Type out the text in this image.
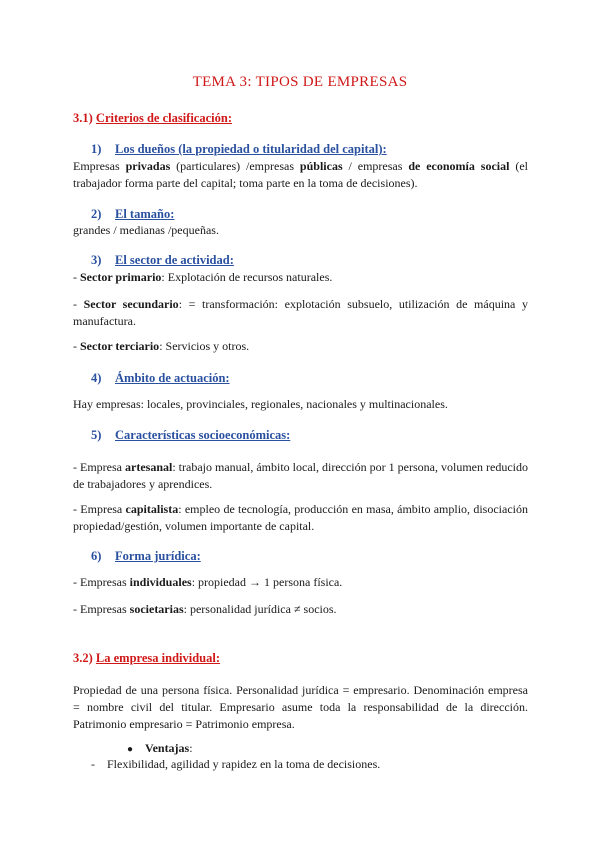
TEMA 3: TIPOS DE EMPRESAS
3.1) Criterios de clasificación:
1) Los dueños (la propiedad o titularidad del capital):
Empresas privadas (particulares) /empresas públicas / empresas de economía social (el trabajador forma parte del capital; toma parte en la toma de decisiones).
2) El tamaño:
grandes / medianas /pequeñas.
3) El sector de actividad:
- Sector primario: Explotación de recursos naturales.
- Sector secundario: = transformación: explotación subsuelo, utilización de máquina y manufactura.
- Sector terciario: Servicios y otros.
4) Ámbito de actuación:
Hay empresas: locales, provinciales, regionales, nacionales y multinacionales.
5) Características socioeconómicas:
- Empresa artesanal: trabajo manual, ámbito local, dirección por 1 persona, volumen reducido de trabajadores y aprendices.
- Empresa capitalista: empleo de tecnología, producción en masa, ámbito amplio, disociación propiedad/gestión, volumen importante de capital.
6) Forma jurídica:
- Empresas individuales: propiedad → 1 persona física.
- Empresas societarias: personalidad jurídica ≠ socios.
3.2) La empresa individual:
Propiedad de una persona física. Personalidad jurídica = empresario. Denominación empresa = nombre civil del titular. Empresario asume toda la responsabilidad de la dirección. Patrimonio empresario = Patrimonio empresa.
● Ventajas:
- Flexibilidad, agilidad y rapidez en la toma de decisiones.
